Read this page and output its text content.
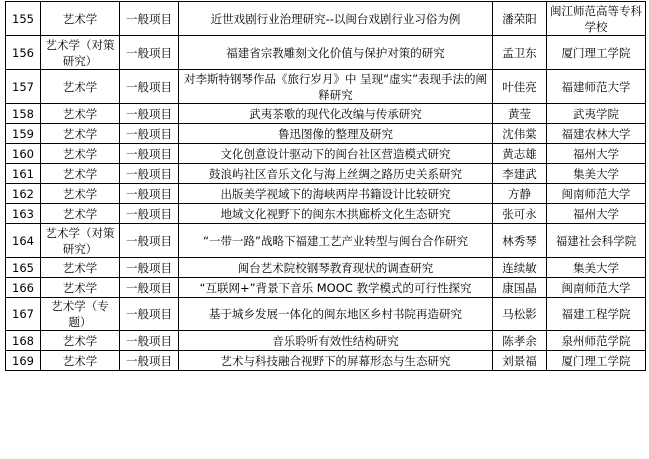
155	艺术学	一般项目	近世戏剧行业治理研究--以闽台戏剧行业习俗为例	潘荣阳	闽江师范高等专科学校
156	艺术学（对策研究）	一般项目	福建省宗教雕刻文化价值与保护对策的研究	孟卫东	厦门理工学院
157	艺术学	一般项目	对李斯特钢琴作品《旅行岁月》中 呈现“虚实”表现手法的阐释研究	叶佳亮	福建师范大学
158	艺术学	一般项目	武夷茶歌的现代化改编与传承研究	黄莹	武夷学院
159	艺术学	一般项目	鲁迅图像的整理及研究	沈伟棠	福建农林大学
160	艺术学	一般项目	文化创意设计驱动下的闽台社区营造模式研究	黄志雄	福州大学
161	艺术学	一般项目	鼓浪屿社区音乐文化与海上丝绸之路历史关系研究	李建武	集美大学
162	艺术学	一般项目	出版美学视域下的海峡两岸书籍设计比较研究	方静	闽南师范大学
163	艺术学	一般项目	地域文化视野下的闽东木拱廊桥文化生态研究	张可永	福州大学
164	艺术学（对策研究）	一般项目	“一带一路”战略下福建工艺产业转型与闽台合作研究	林秀琴	福建社会科学院
165	艺术学	一般项目	闽台艺术院校钢琴教育现状的调查研究	连续敏	集美大学
166	艺术学	一般项目	“互联网+”背景下音乐 MOOC 教学模式的可行性探究	康国晶	闽南师范大学
167	艺术学（专题）	一般项目	基于城乡发展一体化的闽东地区乡村书院再造研究	马松影	福建工程学院
168	艺术学	一般项目	音乐聆听有效性结构研究	陈孝余	泉州师范学院
169	艺术学	一般项目	艺术与科技融合视野下的屏幕形态与生态研究	刘景福	厦门理工学院
